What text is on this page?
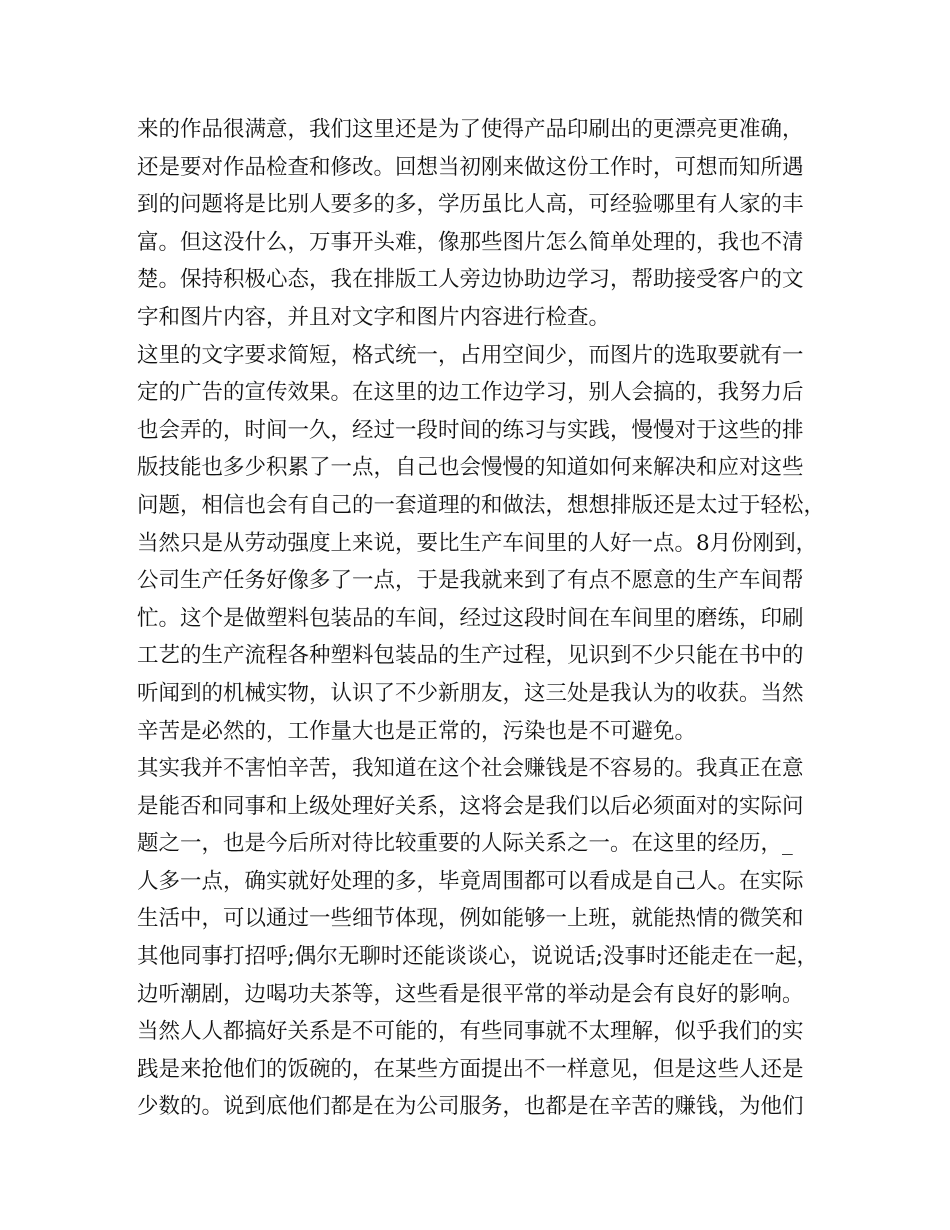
来的作品很满意，我们这里还是为了使得产品印刷出的更漂亮更准确，
还是要对作品检查和修改。回想当初刚来做这份工作时，可想而知所遇
到的问题将是比别人要多的多，学历虽比人高，可经验哪里有人家的丰
富。但这没什么，万事开头难，像那些图片怎么简单处理的，我也不清
楚。保持积极心态，我在排版工人旁边协助边学习，帮助接受客户的文
字和图片内容，并且对文字和图片内容进行检查。
这里的文字要求简短，格式统一，占用空间少，而图片的选取要就有一
定的广告的宣传效果。在这里的边工作边学习，别人会搞的，我努力后
也会弄的，时间一久，经过一段时间的练习与实践，慢慢对于这些的排
版技能也多少积累了一点，自己也会慢慢的知道如何来解决和应对这些
问题，相信也会有自己的一套道理的和做法，想想排版还是太过于轻松，
当然只是从劳动强度上来说，要比生产车间里的人好一点。8月份刚到，
公司生产任务好像多了一点，于是我就来到了有点不愿意的生产车间帮
忙。这个是做塑料包装品的车间，经过这段时间在车间里的磨练，印刷
工艺的生产流程各种塑料包装品的生产过程，见识到不少只能在书中的
听闻到的机械实物，认识了不少新朋友，这三处是我认为的收获。当然
辛苦是必然的，工作量大也是正常的，污染也是不可避免。
其实我并不害怕辛苦，我知道在这个社会赚钱是不容易的。我真正在意
是能否和同事和上级处理好关系，这将会是我们以后必须面对的实际问
题之一，也是今后所对待比较重要的人际关系之一。在这里的经历，_
人多一点，确实就好处理的多，毕竟周围都可以看成是自己人。在实际
生活中，可以通过一些细节体现，例如能够一上班，就能热情的微笑和
其他同事打招呼;偶尔无聊时还能谈谈心，说说话;没事时还能走在一起，
边听潮剧，边喝功夫茶等，这些看是很平常的举动是会有良好的影响。
当然人人都搞好关系是不可能的，有些同事就不太理解，似乎我们的实
践是来抢他们的饭碗的，在某些方面提出不一样意见，但是这些人还是
少数的。说到底他们都是在为公司服务，也都是在辛苦的赚钱，为他们
